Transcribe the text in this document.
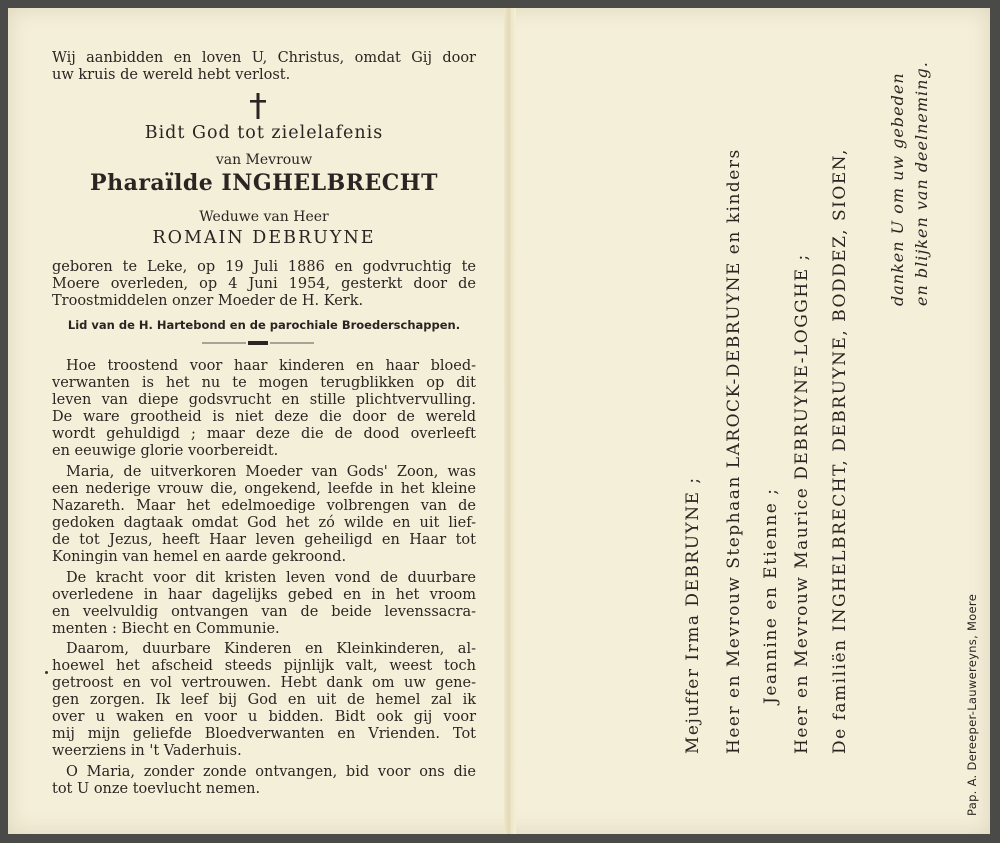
Wij aanbidden en loven U, Christus, omdat Gij door
uw kruis de wereld hebt verlost.
Bidt God tot zielelafenis
van Mevrouw
Pharaïlde INGHELBRECHT
Weduwe van Heer
ROMAIN DEBRUYNE
geboren te Leke, op 19 Juli 1886 en godvruchtig te
Moere overleden, op 4 Juni 1954, gesterkt door de
Troostmiddelen onzer Moeder de H. Kerk.
Lid van de H. Hartebond en de parochiale Broederschappen.
Hoe troostend voor haar kinderen en haar bloed-
verwanten is het nu te mogen terugblikken op dit
leven van diepe godsvrucht en stille plichtvervulling.
De ware grootheid is niet deze die door de wereld
wordt gehuldigd ; maar deze die de dood overleeft
en eeuwige glorie voorbereidt.
Maria, de uitverkoren Moeder van Gods' Zoon, was
een nederige vrouw die, ongekend, leefde in het kleine
Nazareth. Maar het edelmoedige volbrengen van de
gedoken dagtaak omdat God het zó wilde en uit lief-
de tot Jezus, heeft Haar leven geheiligd en Haar tot
Koningin van hemel en aarde gekroond.
De kracht voor dit kristen leven vond de duurbare
overledene in haar dagelijks gebed en in het vroom
en veelvuldig ontvangen van de beide levenssacra-
menten : Biecht en Communie.
Daarom, duurbare Kinderen en Kleinkinderen, al-
hoewel het afscheid steeds pijnlijk valt, weest toch
getroost en vol vertrouwen. Hebt dank om uw gene-
gen zorgen. Ik leef bij God en uit de hemel zal ik
over u waken en voor u bidden. Bidt ook gij voor
mij mijn geliefde Bloedverwanten en Vrienden. Tot
weerziens in 't Vaderhuis.
O Maria, zonder zonde ontvangen, bid voor ons die
tot U onze toevlucht nemen.
Mejuffer Irma DEBRUYNE ; Heer en Mevrouw Stephaan LAROCK-DEBRUYNE en kinders Jeannine en Etienne ; Heer en Mevrouw Maurice DEBRUYNE-LOGGHE ; De familiën INGHELBRECHT, DEBRUYNE, BODDEZ, SIOEN, danken U om uw gebeden en blijken van deelneming.
Pap. A. Dereeper-Lauwereyns, Moere
